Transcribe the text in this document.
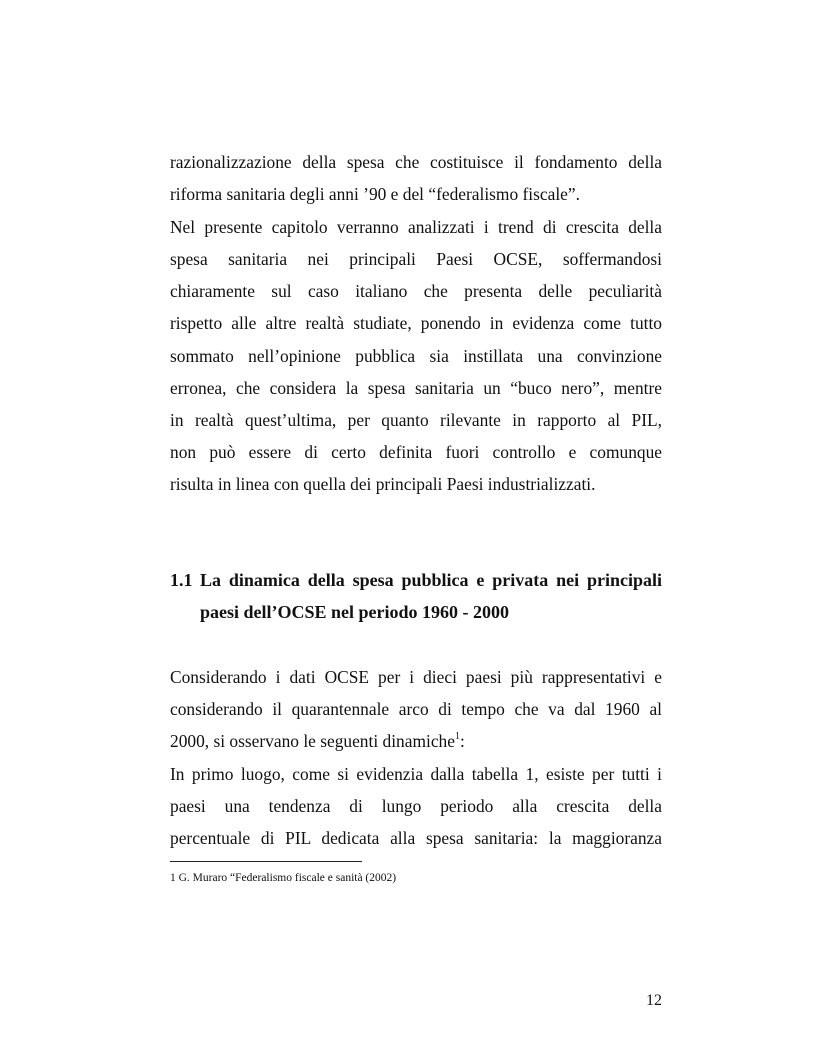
razionalizzazione della spesa che costituisce il fondamento della
riforma sanitaria degli anni ’90 e del “federalismo fiscale”.
Nel presente capitolo verranno analizzati i trend di crescita della
spesa sanitaria nei principali Paesi OCSE, soffermandosi
chiaramente sul caso italiano che presenta delle peculiarità
rispetto alle altre realtà studiate, ponendo in evidenza come tutto
sommato nell’opinione pubblica sia instillata una convinzione
erronea, che considera la spesa sanitaria un “buco nero”, mentre
in realtà quest’ultima, per quanto rilevante in rapporto al PIL,
non può essere di certo definita fuori controllo e comunque
risulta in linea con quella dei principali Paesi industrializzati.
1.1 La dinamica della spesa pubblica e privata nei principali
paesi dell’OCSE nel periodo 1960 - 2000
Considerando i dati OCSE per i dieci paesi più rappresentativi e
considerando il quarantennale arco di tempo che va dal 1960 al
2000, si osservano le seguenti dinamiche$^1$:
In primo luogo, come si evidenzia dalla tabella 1, esiste per tutti i
paesi una tendenza di lungo periodo alla crescita della
percentuale di PIL dedicata alla spesa sanitaria: la maggioranza
1 G. Muraro “Federalismo fiscale e sanità (2002)
12
